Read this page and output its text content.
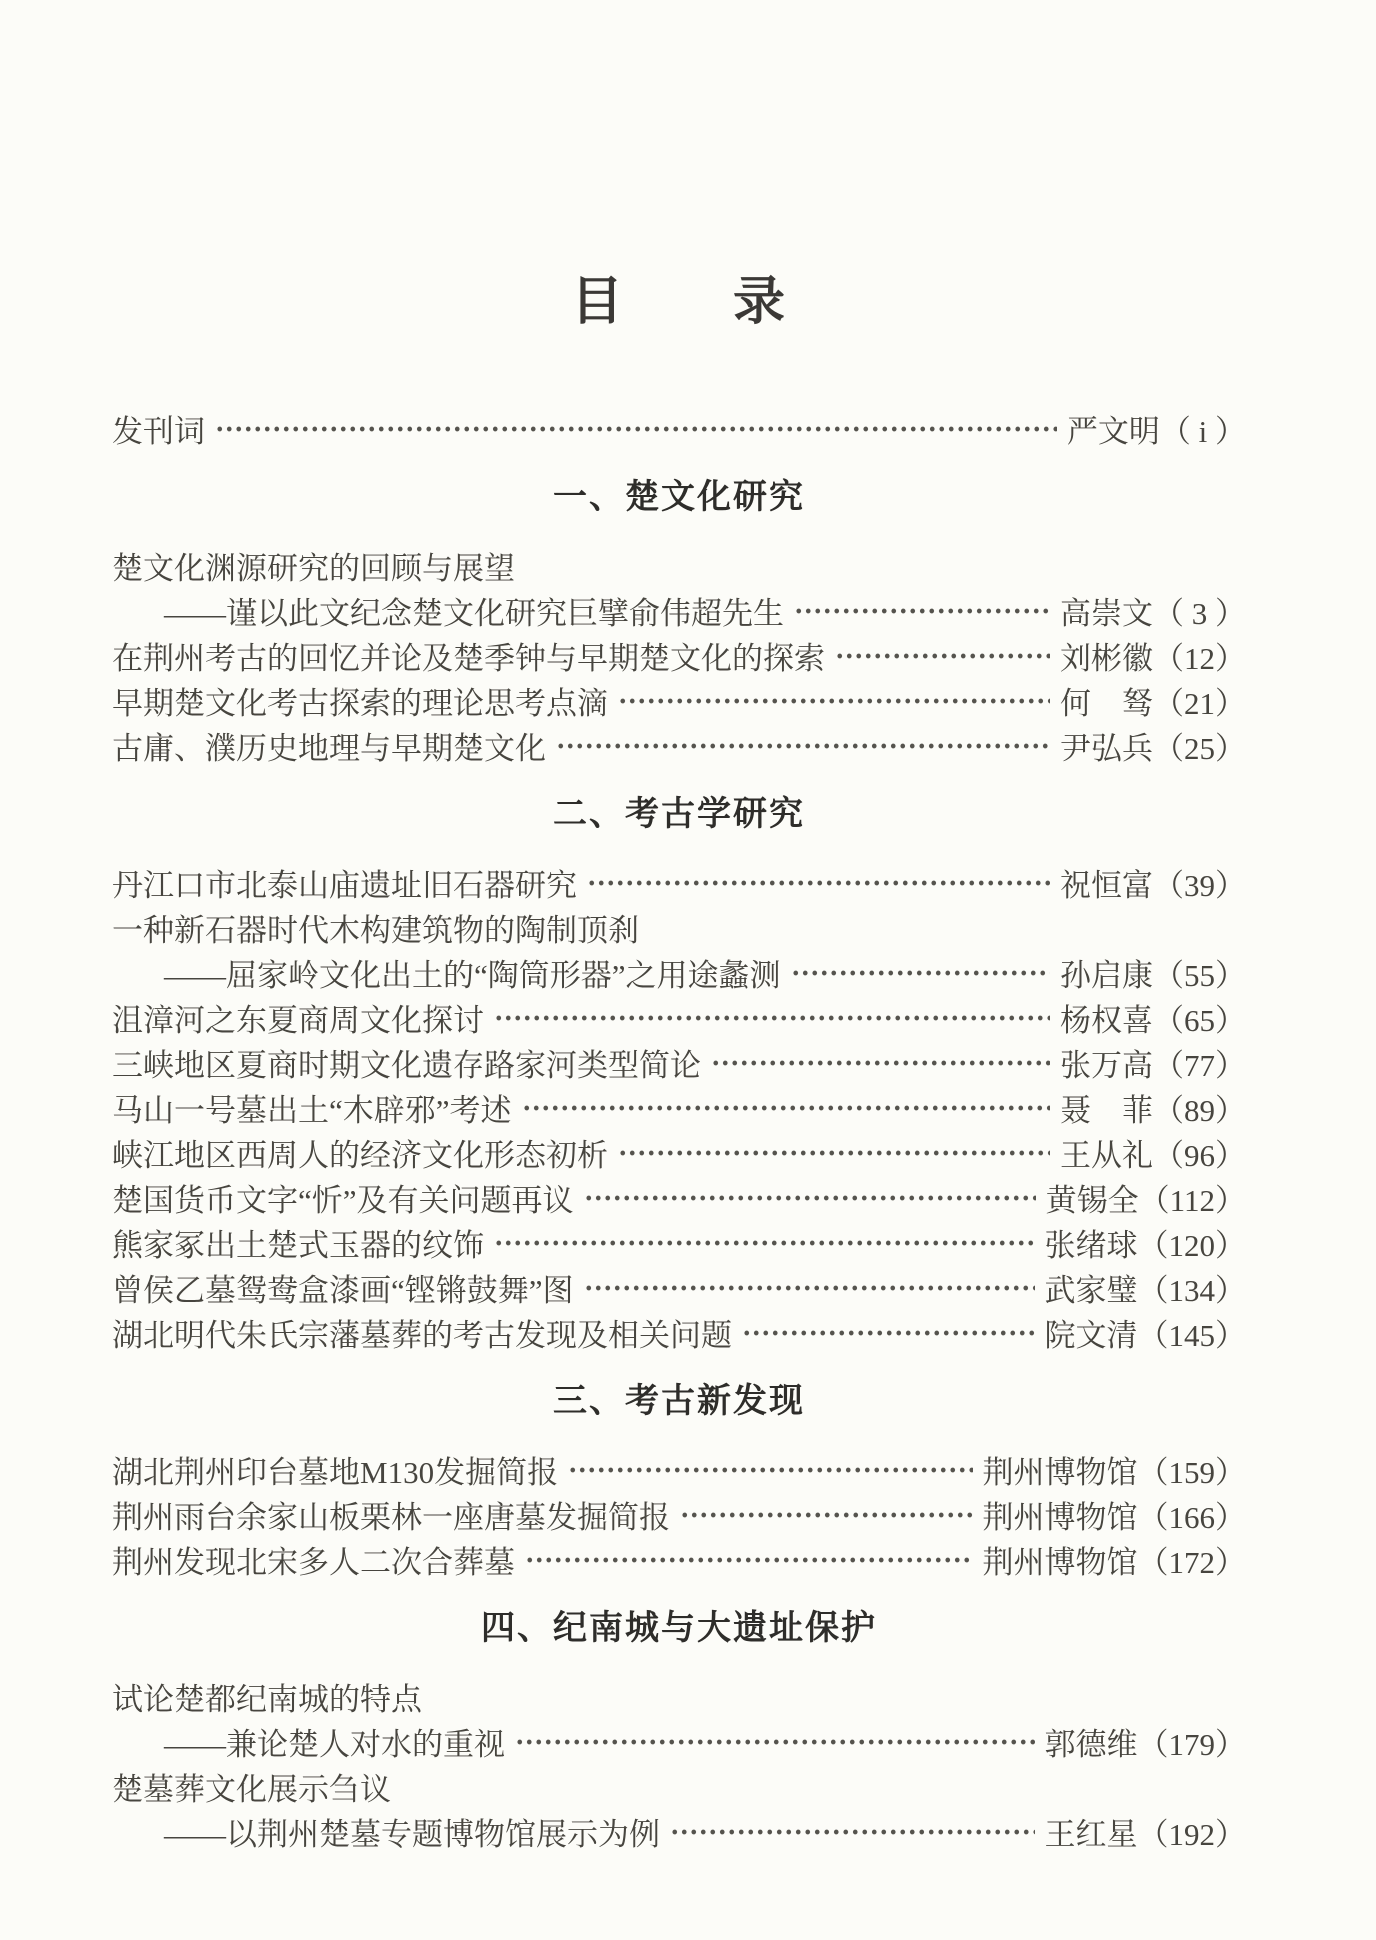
目　　录
发刊词	严文明 （ i ）
一、楚文化研究
楚文化渊源研究的回顾与展望
——谨以此文纪念楚文化研究巨擘俞伟超先生	高崇文 （ 3 ）
在荆州考古的回忆并论及楚季钟与早期楚文化的探索	刘彬徽 （12）
早期楚文化考古探索的理论思考点滴	何　驽 （21）
古庸、濮历史地理与早期楚文化	尹弘兵 （25）
二、考古学研究
丹江口市北泰山庙遗址旧石器研究	祝恒富 （39）
一种新石器时代木构建筑物的陶制顶刹
——屈家岭文化出土的“陶筒形器”之用途蠡测	孙启康 （55）
沮漳河之东夏商周文化探讨	杨权喜 （65）
三峡地区夏商时期文化遗存路家河类型简论	张万高 （77）
马山一号墓出土“木辟邪”考述	聂　菲 （89）
峡江地区西周人的经济文化形态初析	王从礼 （96）
楚国货币文字“忻”及有关问题再议	黄锡全 （112）
熊家冢出土楚式玉器的纹饰	张绪球 （120）
曾侯乙墓鸳鸯盒漆画“铿锵鼓舞”图	武家璧 （134）
湖北明代朱氏宗藩墓葬的考古发现及相关问题	院文清 （145）
三、考古新发现
湖北荆州印台墓地M130发掘简报	荆州博物馆 （159）
荆州雨台余家山板栗林一座唐墓发掘简报	荆州博物馆 （166）
荆州发现北宋多人二次合葬墓	荆州博物馆 （172）
四、纪南城与大遗址保护
试论楚都纪南城的特点
——兼论楚人对水的重视	郭德维 （179）
楚墓葬文化展示刍议
——以荆州楚墓专题博物馆展示为例	王红星 （192）
